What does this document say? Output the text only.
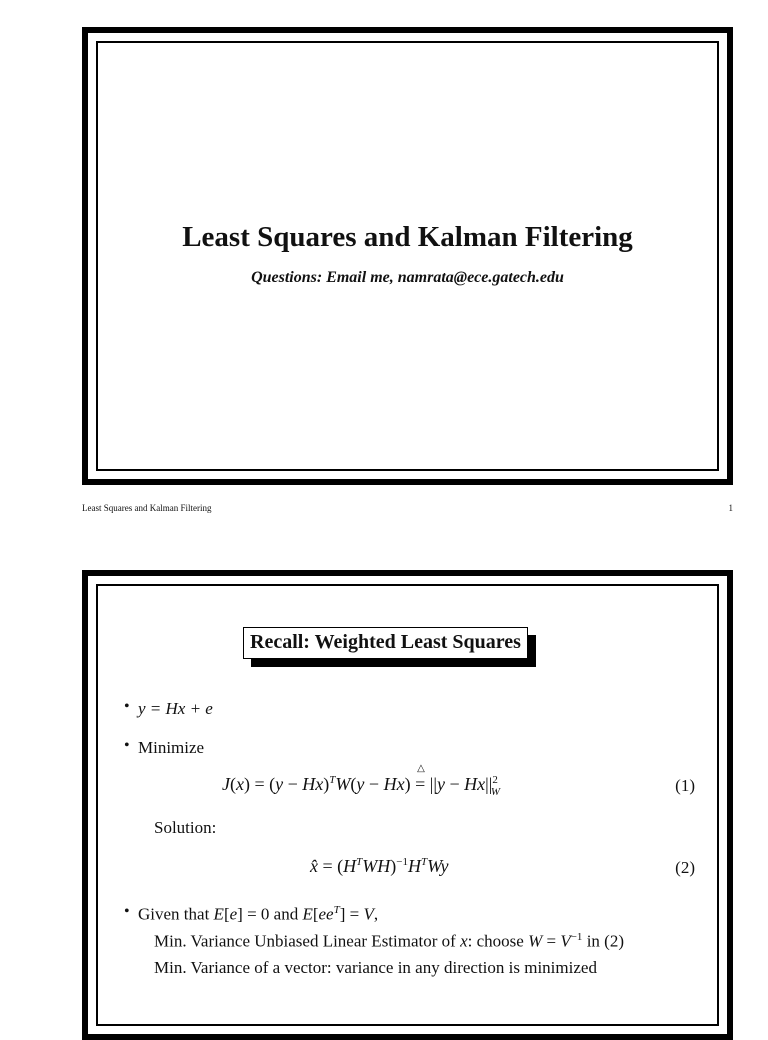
Least Squares and Kalman Filtering
Questions: Email me, namrata@ece.gatech.edu
Least Squares and Kalman Filtering	1
Recall: Weighted Least Squares
• y = Hx + e
• Minimize
$J(x) = (y - Hx)^TW(y - Hx)$
△
= $||y - Hx||^2_W$	(1)
Solution:
x̂ = $(H^TWH)^{-1}H^TWy$	(2)
• Given that E[e] = 0 and $E[ee^T] = V$,
Min. Variance Unbiased Linear Estimator of x: choose $W = V^{-1}$ in (2)
Min. Variance of a vector: variance in any direction is minimized
